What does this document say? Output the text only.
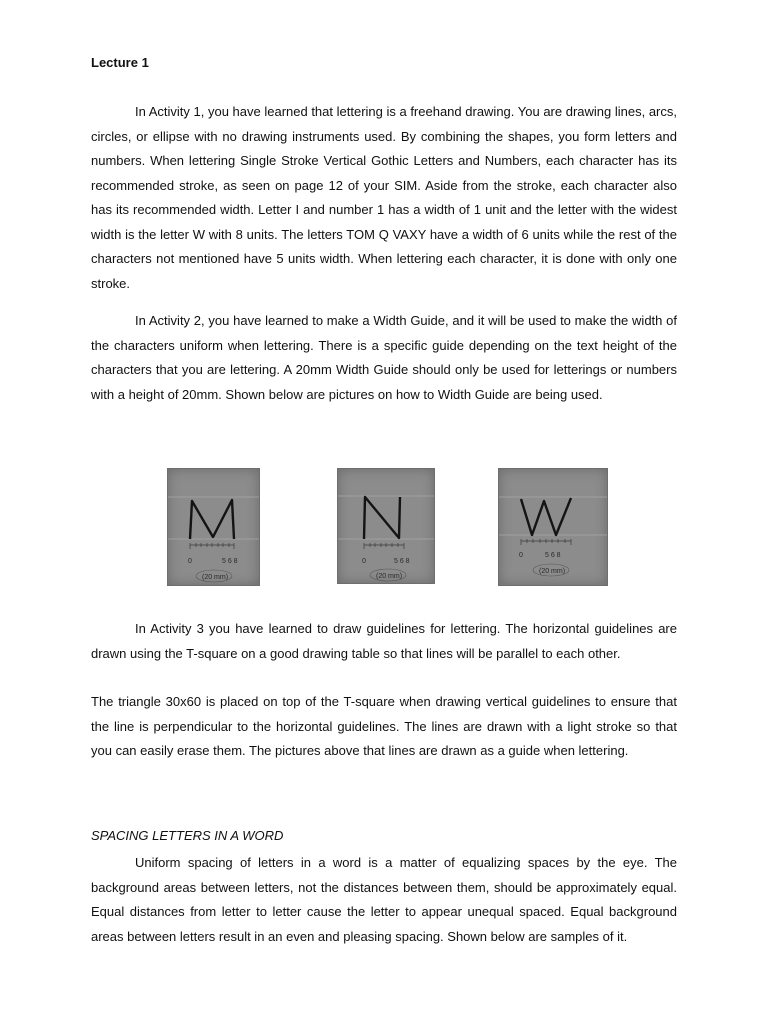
Lecture 1

In Activity 1, you have learned that lettering is a freehand drawing. You are drawing lines, arcs, circles, or ellipse with no drawing instruments used. By combining the shapes, you form letters and numbers. When lettering Single Stroke Vertical Gothic Letters and Numbers, each character has its recommended stroke, as seen on page 12 of your SIM. Aside from the stroke, each character also has its recommended width. Letter I and number 1 has a width of 1 unit and the letter with the widest width is the letter W with 8 units. The letters TOM Q VAXY have a width of 6 units while the rest of the characters not mentioned have 5 units width. When lettering each character, it is done with only one stroke.

In Activity 2, you have learned to make a Width Guide, and it will be used to make the width of the characters uniform when lettering. There is a specific guide depending on the text height of the characters that you are lettering. A 20mm Width Guide should only be used for letterings or numbers with a height of 20mm. Shown below are pictures on how to Width Guide are being used.

0	5 6 8
(20 mm)
0	5 6 8
(20 mm)
0	5 6 8
(20 mm)

In Activity 3 you have learned to draw guidelines for lettering. The horizontal guidelines are drawn using the T-square on a good drawing table so that lines will be parallel to each other.

The triangle 30x60 is placed on top of the T-square when drawing vertical guidelines to ensure that the line is perpendicular to the horizontal guidelines. The lines are drawn with a light stroke so that you can easily erase them. The pictures above that lines are drawn as a guide when lettering.

SPACING LETTERS IN A WORD

Uniform spacing of letters in a word is a matter of equalizing spaces by the eye. The background areas between letters, not the distances between them, should be approximately equal. Equal distances from letter to letter cause the letter to appear unequal spaced. Equal background areas between letters result in an even and pleasing spacing. Shown below are samples of it.
